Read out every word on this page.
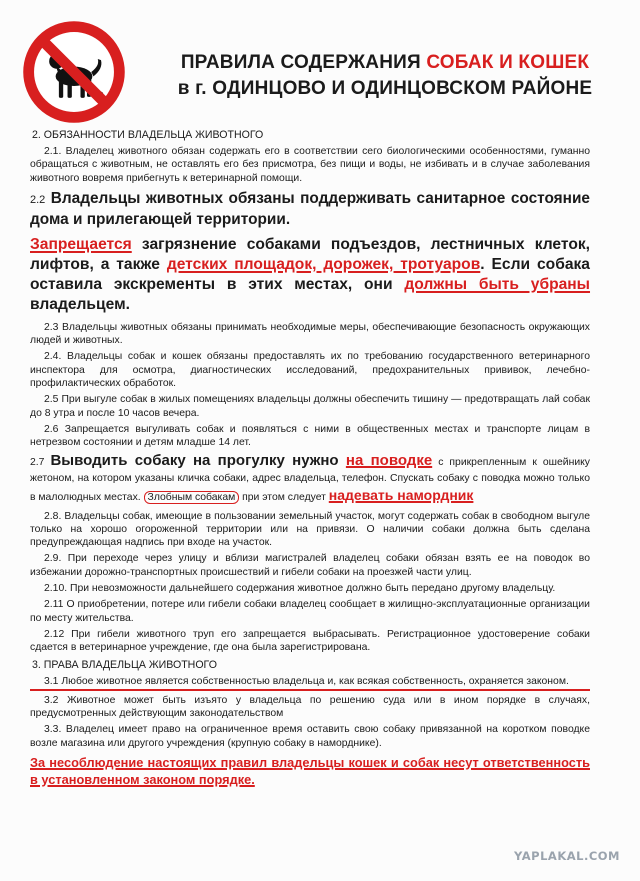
ПРАВИЛА СОДЕРЖАНИЯ СОБАК И КОШЕК
в г. ОДИНЦОВО И ОДИНЦОВСКОМ РАЙОНЕ
2. ОБЯЗАННОСТИ ВЛАДЕЛЬЦА ЖИВОТНОГО
2.1. Владелец животного обязан содержать его в соответствии сего биологическими особенностями, гуманно обращаться с животным, не оставлять его без присмотра, без пищи и воды, не избивать и в случае заболевания животного вовремя прибегнуть к ветеринарной помощи.
2.2 Владельцы животных обязаны поддерживать санитарное состояние дома и прилегающей территории.
Запрещается загрязнение собаками подъездов, лестничных клеток, лифтов, а также детских площадок, дорожек, тротуаров. Если собака оставила экскременты в этих местах, они должны быть убраны владельцем.
2.3 Владельцы животных обязаны принимать необходимые меры, обеспечивающие безопасность окружающих людей и животных.
2.4. Владельцы собак и кошек обязаны предоставлять их по требованию государственного ветеринарного инспектора для осмотра, диагностических исследований, предохранительных прививок, лечебно-профилактических обработок.
2.5 При выгуле собак в жилых помещениях владельцы должны обеспечить тишину — предотвращать лай собак до 8 утра и после 10 часов вечера.
2.6 Запрещается выгуливать собак и появляться с ними в общественных местах и транспорте лицам в нетрезвом состоянии и детям младше 14 лет.
2.7 Выводить собаку на прогулку нужно на поводке с прикрепленным к ошейнику жетоном, на котором указаны кличка собаки, адрес владельца, телефон. Спускать собаку с поводка можно только в малолюдных местах. Злобным собакам при этом следует надевать намордник
2.8. Владельцы собак, имеющие в пользовании земельный участок, могут содержать собак в свободном выгуле только на хорошо огороженной территории или на привязи. О наличии собаки должна быть сделана предупреждающая надпись при входе на участок.
2.9. При переходе через улицу и вблизи магистралей владелец собаки обязан взять ее на поводок во избежании дорожно-транспортных происшествий и гибели собаки на проезжей части улиц.
2.10. При невозможности дальнейшего содержания животное должно быть передано другому владельцу.
2.11 О приобретении, потере или гибели собаки владелец сообщает в жилищно-эксплуатационные организации по месту жительства.
2.12 При гибели животного труп его запрещается выбрасывать. Регистрационное удостоверение собаки сдается в ветеринарное учреждение, где она была зарегистрирована.
3. ПРАВА ВЛАДЕЛЬЦА ЖИВОТНОГО
3.1 Любое животное является собственностью владельца и, как всякая собственность, охраняется законом.
3.2 Животное может быть изъято у владельца по решению суда или в ином порядке в случаях, предусмотренных действующим законодательством
3.3. Владелец имеет право на ограниченное время оставить свою собаку привязанной на коротком поводке возле магазина или другого учреждения (крупную собаку в наморднике).
За несоблюдение настоящих правил владельцы кошек и собак несут ответственность в установленном законом порядке.
YAPLAKAL.COM
